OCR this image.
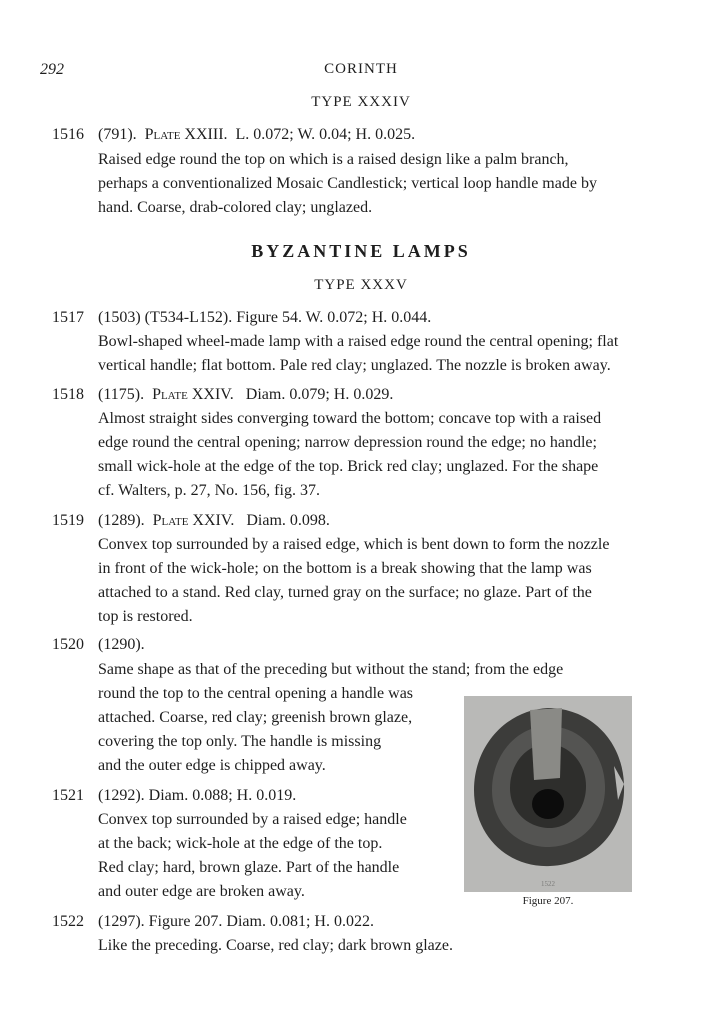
292	CORINTH
TYPE XXXIV
1516 (791). Plate XXIII. L. 0.072; W. 0.04; H. 0.025.
Raised edge round the top on which is a raised design like a palm branch,
perhaps a conventionalized Mosaic Candlestick; vertical loop handle made by
hand. Coarse, drab-colored clay; unglazed.
BYZANTINE LAMPS
TYPE XXXV
1517 (1503) (T534-L152). Figure 54. W. 0.072; H. 0.044.
Bowl-shaped wheel-made lamp with a raised edge round the central opening; flat
vertical handle; flat bottom. Pale red clay; unglazed. The nozzle is broken away.
1518 (1175). Plate XXIV. Diam. 0.079; H. 0.029.
Almost straight sides converging toward the bottom; concave top with a raised
edge round the central opening; narrow depression round the edge; no handle;
small wick-hole at the edge of the top. Brick red clay; unglazed. For the shape
cf. Walters, p. 27, No. 156, fig. 37.
1519 (1289). Plate XXIV. Diam. 0.098.
Convex top surrounded by a raised edge, which is bent down to form the nozzle
in front of the wick-hole; on the bottom is a break showing that the lamp was
attached to a stand. Red clay, turned gray on the surface; no glaze. Part of the
top is restored.
1520 (1290).
Same shape as that of the preceding but without the stand; from the edge
round the top to the central opening a handle was
attached. Coarse, red clay; greenish brown glaze,
covering the top only. The handle is missing
and the outer edge is chipped away.
1521 (1292). Diam. 0.088; H. 0.019.
Convex top surrounded by a raised edge; handle
at the back; wick-hole at the edge of the top.
Red clay; hard, brown glaze. Part of the handle
and outer edge are broken away.
1522 (1297). Figure 207. Diam. 0.081; H. 0.022.
Like the preceding. Coarse, red clay; dark brown glaze.
1522
Figure 207.
